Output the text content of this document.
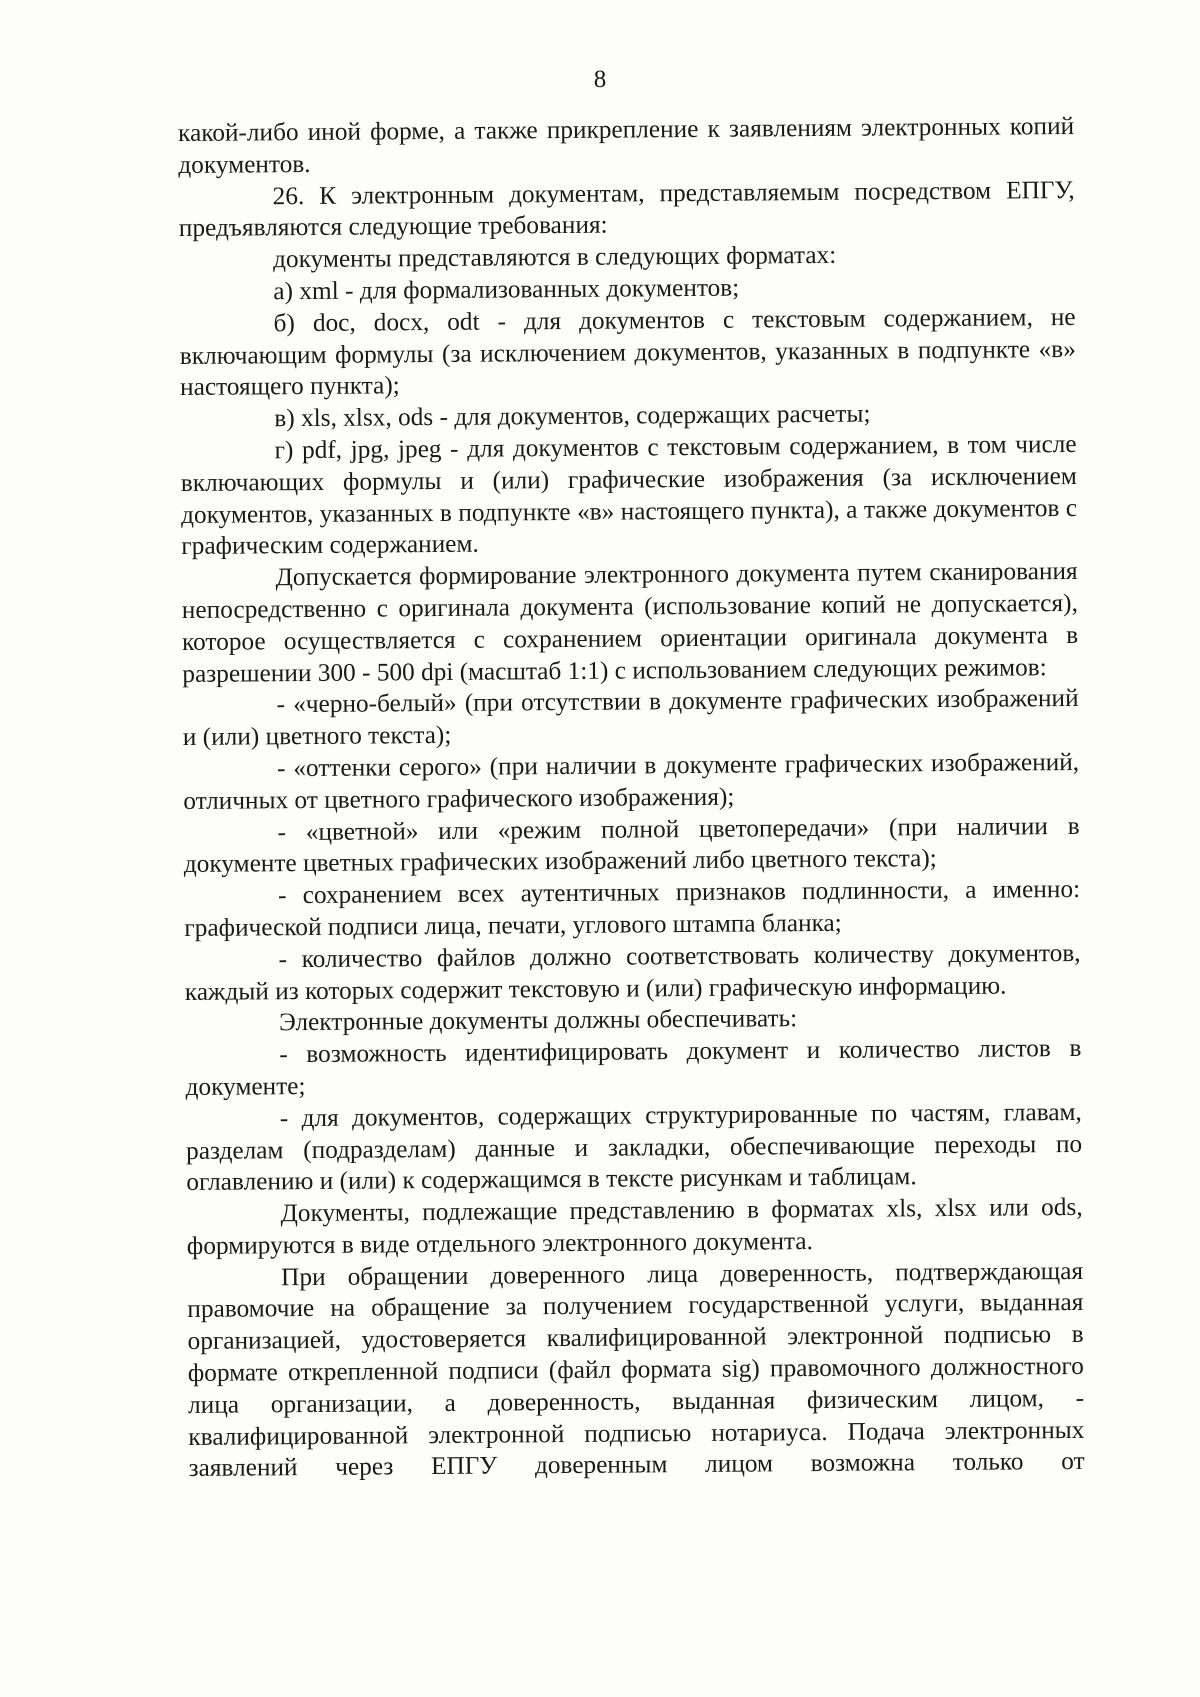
8

какой-либо иной форме, а также прикрепление к заявлениям электронных копий документов.

26. К электронным документам, представляемым посредством ЕПГУ, предъявляются следующие требования:

документы представляются в следующих форматах:

а) xml - для формализованных документов;

б) doc, docx, odt - для документов с текстовым содержанием, не включающим формулы (за исключением документов, указанных в подпункте «в» настоящего пункта);

в) xls, xlsx, ods - для документов, содержащих расчеты;

г) pdf, jpg, jpeg - для документов с текстовым содержанием, в том числе включающих формулы и (или) графические изображения (за исключением документов, указанных в подпункте «в» настоящего пункта), а также документов с графическим содержанием.

Допускается формирование электронного документа путем сканирования непосредственно с оригинала документа (использование копий не допускается), которое осуществляется с сохранением ориентации оригинала документа в разрешении 300 - 500 dpi (масштаб 1:1) с использованием следующих режимов:

- «черно-белый» (при отсутствии в документе графических изображений и (или) цветного текста);

- «оттенки серого» (при наличии в документе графических изображений, отличных от цветного графического изображения);

- «цветной» или «режим полной цветопередачи» (при наличии в документе цветных графических изображений либо цветного текста);

- сохранением всех аутентичных признаков подлинности, а именно: графической подписи лица, печати, углового штампа бланка;

- количество файлов должно соответствовать количеству документов, каждый из которых содержит текстовую и (или) графическую информацию.

Электронные документы должны обеспечивать:

- возможность идентифицировать документ и количество листов в документе;

- для документов, содержащих структурированные по частям, главам, разделам (подразделам) данные и закладки, обеспечивающие переходы по оглавлению и (или) к содержащимся в тексте рисункам и таблицам.

Документы, подлежащие представлению в форматах xls, xlsx или ods, формируются в виде отдельного электронного документа.

При обращении доверенного лица доверенность, подтверждающая правомочие на обращение за получением государственной услуги, выданная организацией, удостоверяется квалифицированной электронной подписью в формате открепленной подписи (файл формата sig) правомочного должностного лица организации, а доверенность, выданная физическим лицом, - квалифицированной электронной подписью нотариуса. Подача электронных заявлений через ЕПГУ доверенным лицом возможна только от
